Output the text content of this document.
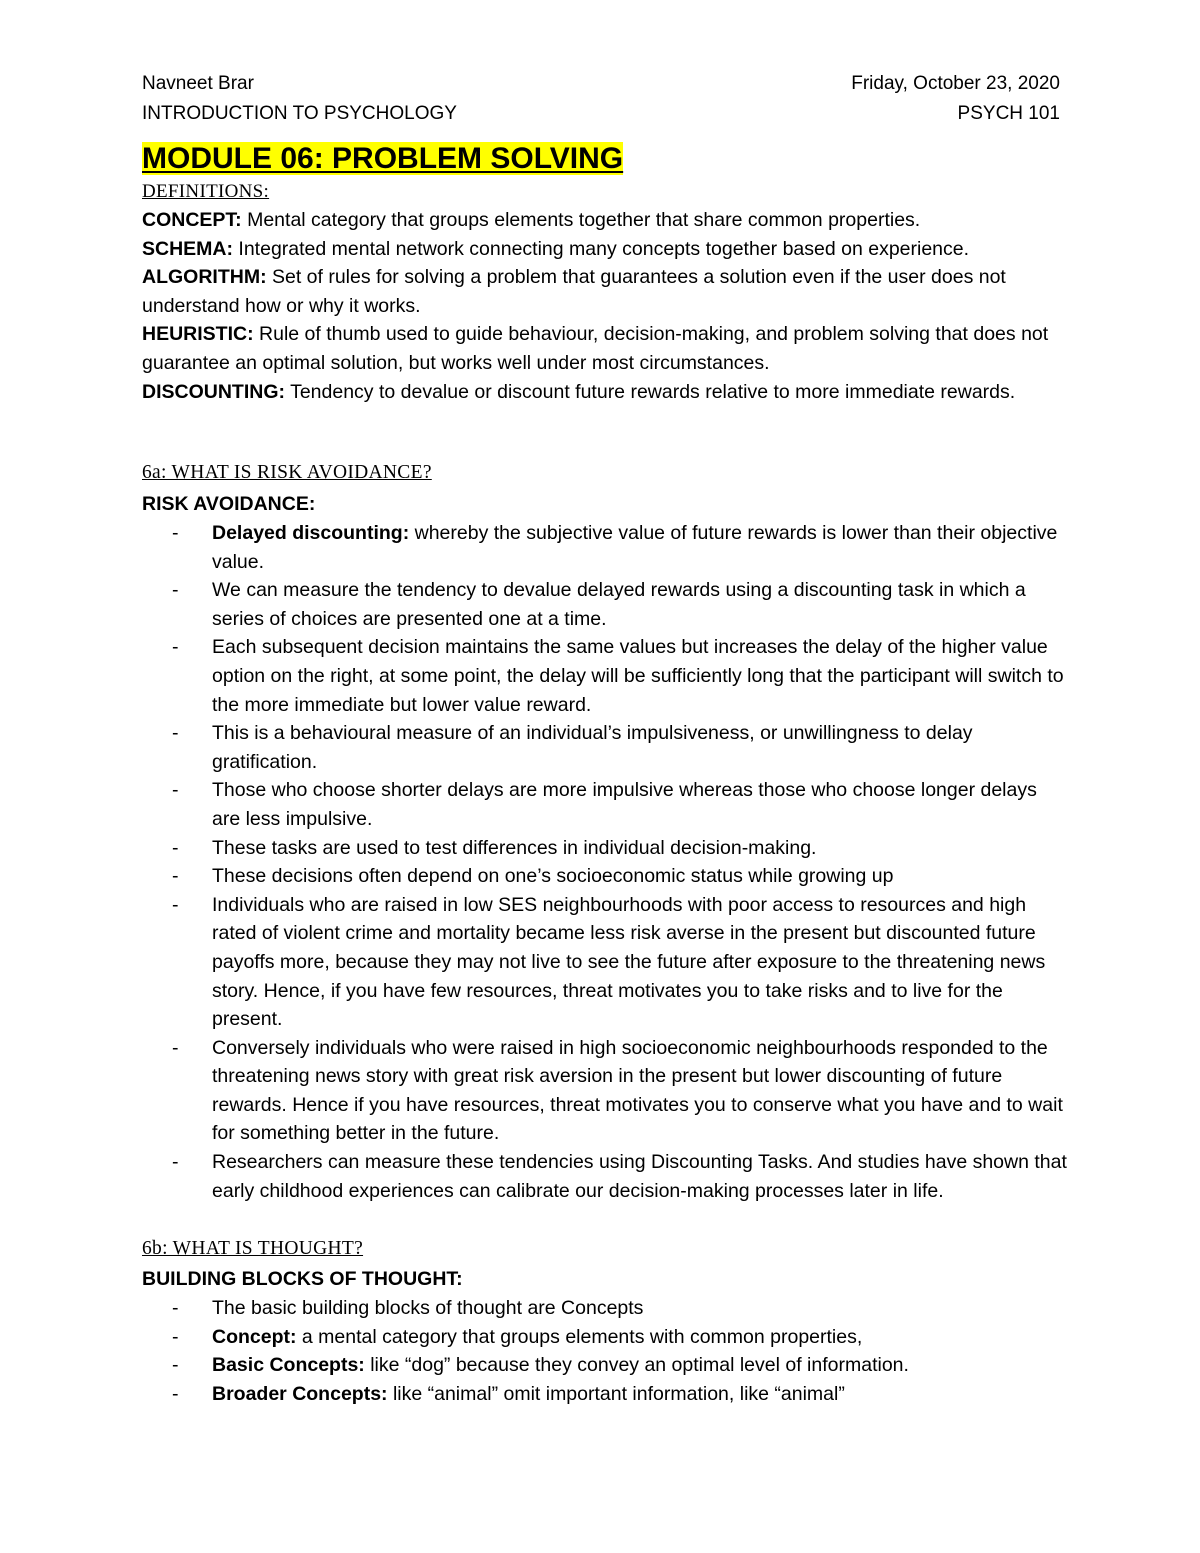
Navneet Brar	Friday, October 23, 2020
INTRODUCTION TO PSYCHOLOGY	PSYCH 101
MODULE 06: PROBLEM SOLVING
DEFINITIONS:

CONCEPT: Mental category that groups elements together that share common properties.

SCHEMA: Integrated mental network connecting many concepts together based on experience.

ALGORITHM: Set of rules for solving a problem that guarantees a solution even if the user does not understand how or why it works.

HEURISTIC: Rule of thumb used to guide behaviour, decision-making, and problem solving that does not guarantee an optimal solution, but works well under most circumstances.

DISCOUNTING: Tendency to devalue or discount future rewards relative to more immediate rewards.

6a: WHAT IS RISK AVOIDANCE?
RISK AVOIDANCE:
- Delayed discounting: whereby the subjective value of future rewards is lower than their objective value.
- We can measure the tendency to devalue delayed rewards using a discounting task in which a series of choices are presented one at a time.
- Each subsequent decision maintains the same values but increases the delay of the higher value option on the right, at some point, the delay will be sufficiently long that the participant will switch to the more immediate but lower value reward.
- This is a behavioural measure of an individual’s impulsiveness, or unwillingness to delay gratification.
- Those who choose shorter delays are more impulsive whereas those who choose longer delays are less impulsive.
- These tasks are used to test differences in individual decision-making.
- These decisions often depend on one’s socioeconomic status while growing up
- Individuals who are raised in low SES neighbourhoods with poor access to resources and high rated of violent crime and mortality became less risk averse in the present but discounted future payoffs more, because they may not live to see the future after exposure to the threatening news story. Hence, if you have few resources, threat motivates you to take risks and to live for the present.
- Conversely individuals who were raised in high socioeconomic neighbourhoods responded to the threatening news story with great risk aversion in the present but lower discounting of future rewards. Hence if you have resources, threat motivates you to conserve what you have and to wait for something better in the future.
- Researchers can measure these tendencies using Discounting Tasks. And studies have shown that early childhood experiences can calibrate our decision-making processes later in life.
6b: WHAT IS THOUGHT?
BUILDING BLOCKS OF THOUGHT:
- The basic building blocks of thought are Concepts
- Concept: a mental category that groups elements with common properties,
- Basic Concepts: like “dog” because they convey an optimal level of information.
- Broader Concepts: like “animal” omit important information, like “animal”
